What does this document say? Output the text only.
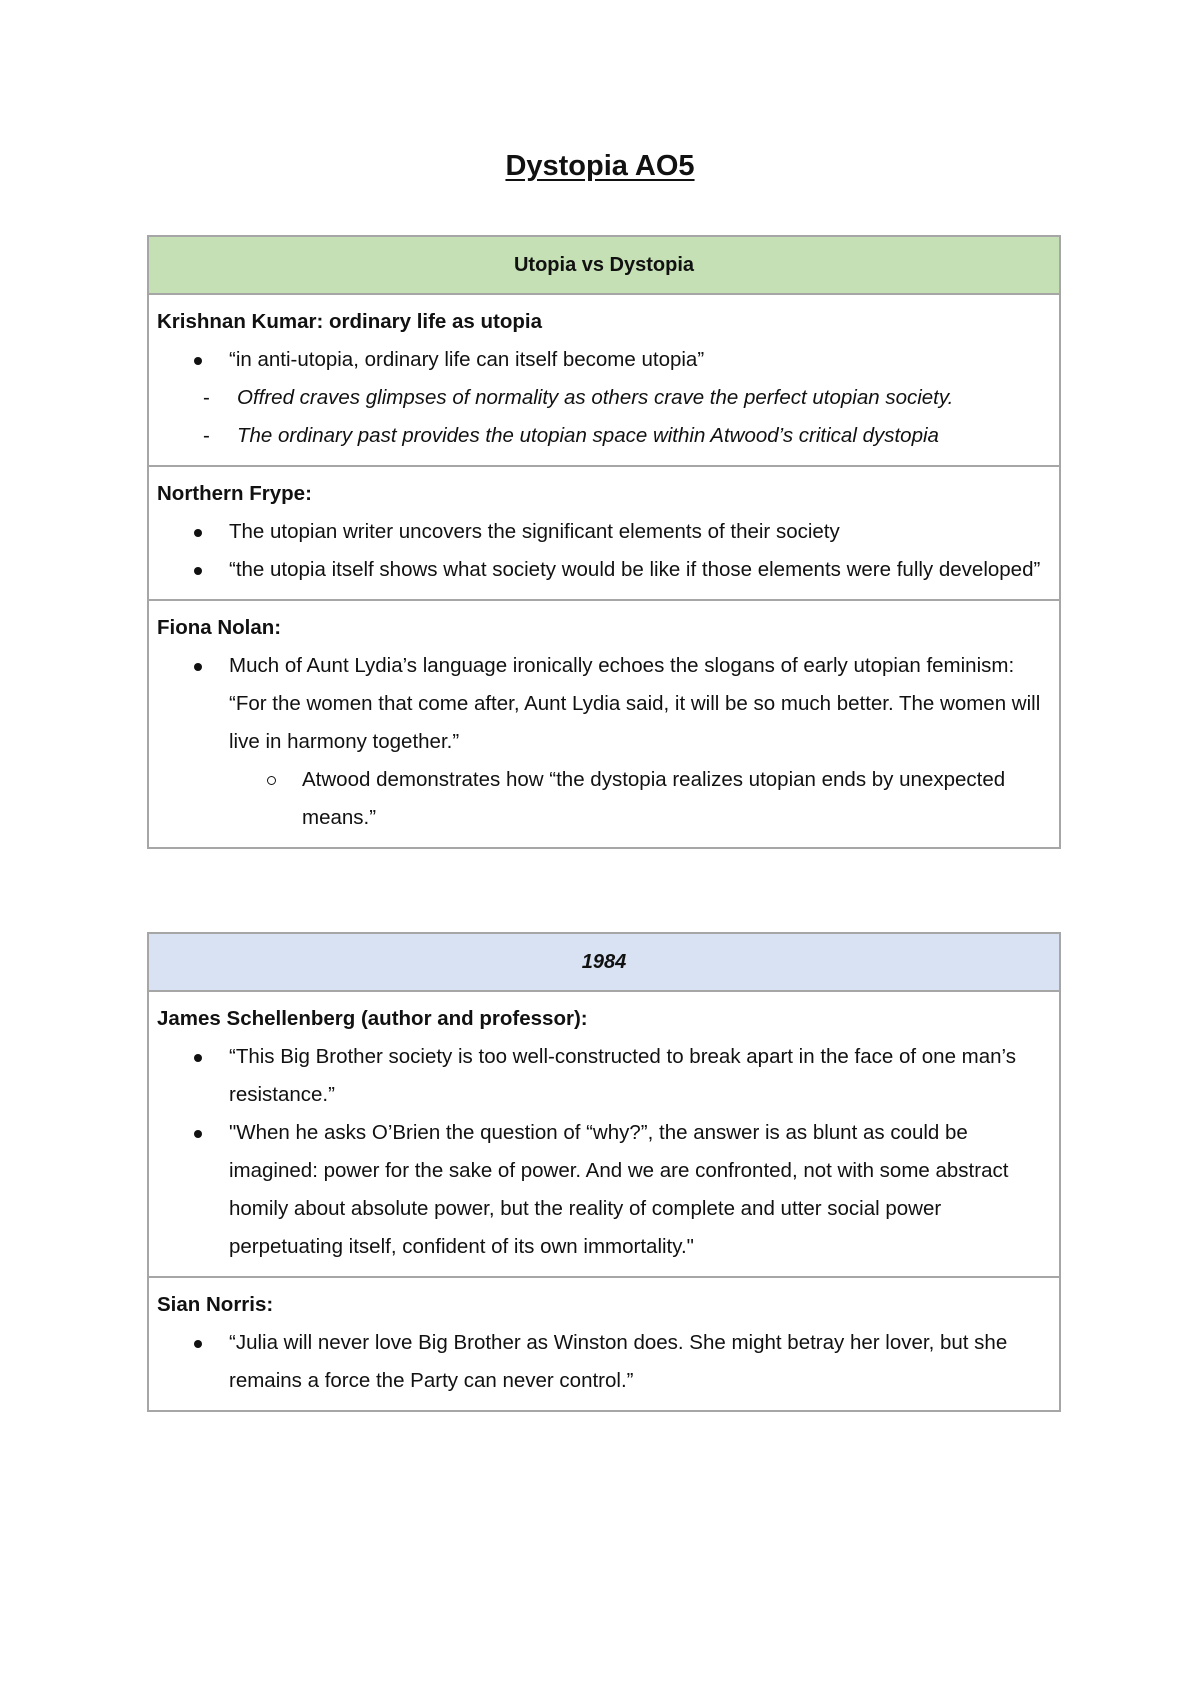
Dystopia AO5
Utopia vs Dystopia
Krishnan Kumar: ordinary life as utopia
“in anti-utopia, ordinary life can itself become utopia”
- Offred craves glimpses of normality as others crave the perfect utopian society.
- The ordinary past provides the utopian space within Atwood’s critical dystopia
Northern Frype:
The utopian writer uncovers the significant elements of their society
“the utopia itself shows what society would be like if those elements were fully developed”
Fiona Nolan:
Much of Aunt Lydia’s language ironically echoes the slogans of early utopian feminism: “For the women that come after, Aunt Lydia said, it will be so much better. The women will live in harmony together.”
Atwood demonstrates how “the dystopia realizes utopian ends by unexpected means.”
1984
James Schellenberg (author and professor):
“This Big Brother society is too well-constructed to break apart in the face of one man’s resistance.”
"When he asks O’Brien the question of “why?”, the answer is as blunt as could be imagined: power for the sake of power. And we are confronted, not with some abstract homily about absolute power, but the reality of complete and utter social power perpetuating itself, confident of its own immortality."
Sian Norris:
“Julia will never love Big Brother as Winston does. She might betray her lover, but she remains a force the Party can never control.”
